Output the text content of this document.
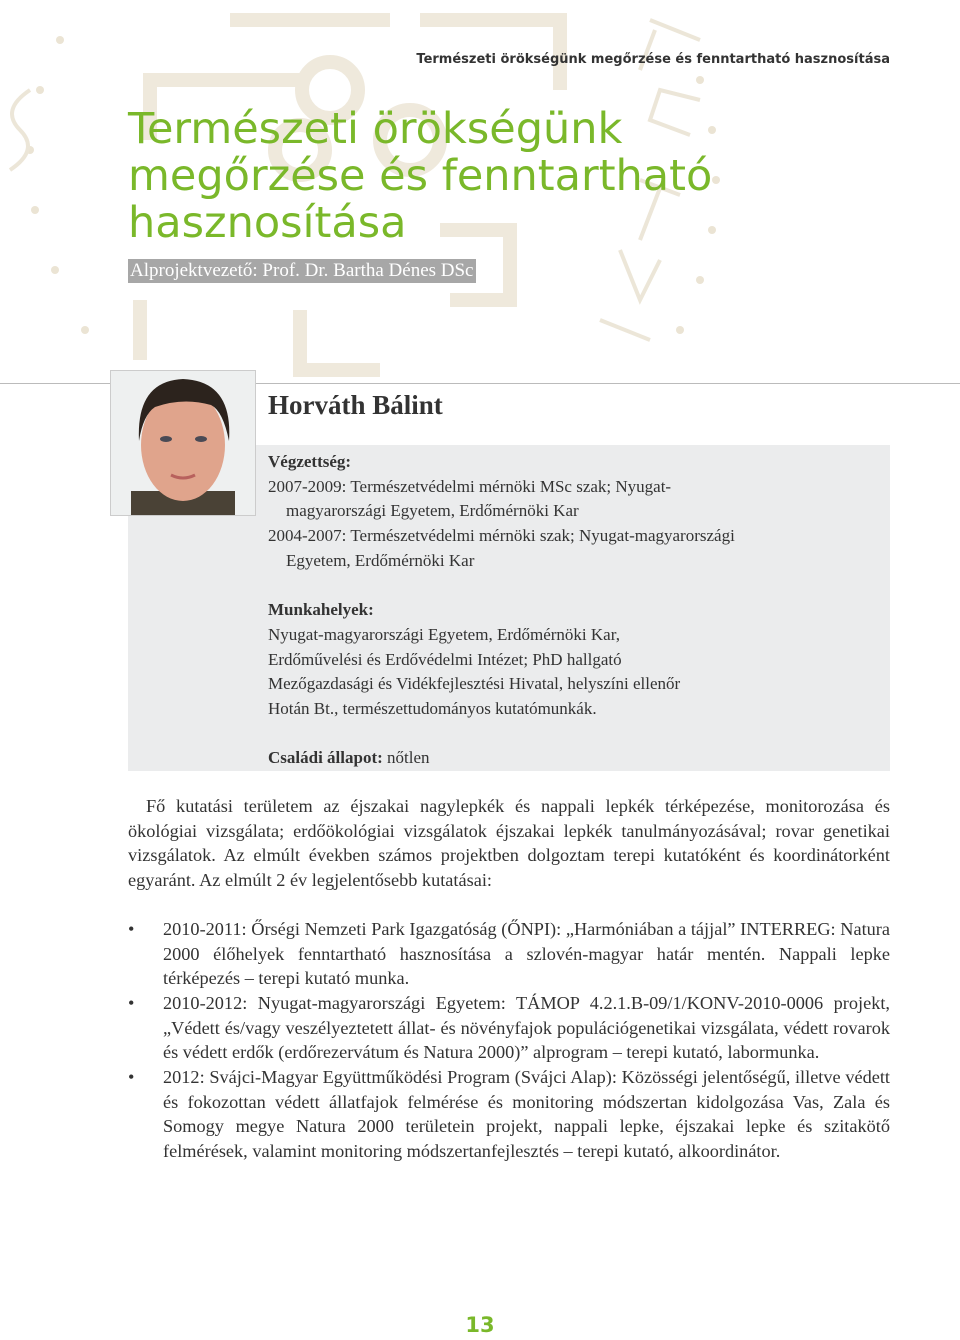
Természeti örökségünk megőrzése és fenntartható hasznosítása
Természeti örökségünk
megőrzése és fenntartható
hasznosítása
Alprojektvezető: Prof. Dr. Bartha Dénes DSc
Horváth Bálint
Végzettség:
2007-2009: Természetvédelmi mérnöki MSc szak; Nyugat-
magyarországi Egyetem, Erdőmérnöki Kar
2004-2007: Természetvédelmi mérnöki szak; Nyugat-magyarországi
Egyetem, Erdőmérnöki Kar
Munkahelyek:
Nyugat-magyarországi Egyetem, Erdőmérnöki Kar,
Erdőművelési és Erdővédelmi Intézet; PhD hallgató
Mezőgazdasági és Vidékfejlesztési Hivatal, helyszíni ellenőr
Hotán Bt., természettudományos kutatómunkák.
Családi állapot: nőtlen

Fő kutatási területem az éjszakai nagylepkék és nappali lepkék térképezése, monitorozása és ökológiai vizsgálata; erdőökológiai vizsgálatok éjszakai lepkék tanulmányozásával; rovar genetikai vizsgálatok. Az elmúlt években számos projektben dolgoztam terepi kutatóként és koordinátorként egyaránt. Az elmúlt 2 év legjelentősebb kutatásai:

• 2010-2011: Őrségi Nemzeti Park Igazgatóság (ŐNPI): „Harmóniában a tájjal” INTERREG: Natura 2000 élőhelyek fenntartható hasznosítása a szlovén-magyar határ mentén. Nappali lepke térképezés – terepi kutató munka.
• 2010-2012: Nyugat-magyarországi Egyetem: TÁMOP 4.2.1.B-09/1/KONV-2010-0006 projekt, „Védett és/vagy veszélyeztetett állat- és növényfajok populációgenetikai vizsgálata, védett rovarok és védett erdők (erdőrezervátum és Natura 2000)” alprogram – terepi kutató, labormunka.
• 2012: Svájci-Magyar Együttműködési Program (Svájci Alap): Közösségi jelentőségű, illetve védett és fokozottan védett állatfajok felmérése és monitoring módszertan kidolgozása Vas, Zala és Somogy megye Natura 2000 területein projekt, nappali lepke, éjszakai lepke és szitakötő felmérések, valamint monitoring módszertanfejlesztés – terepi kutató, alkoordinátor.
13
